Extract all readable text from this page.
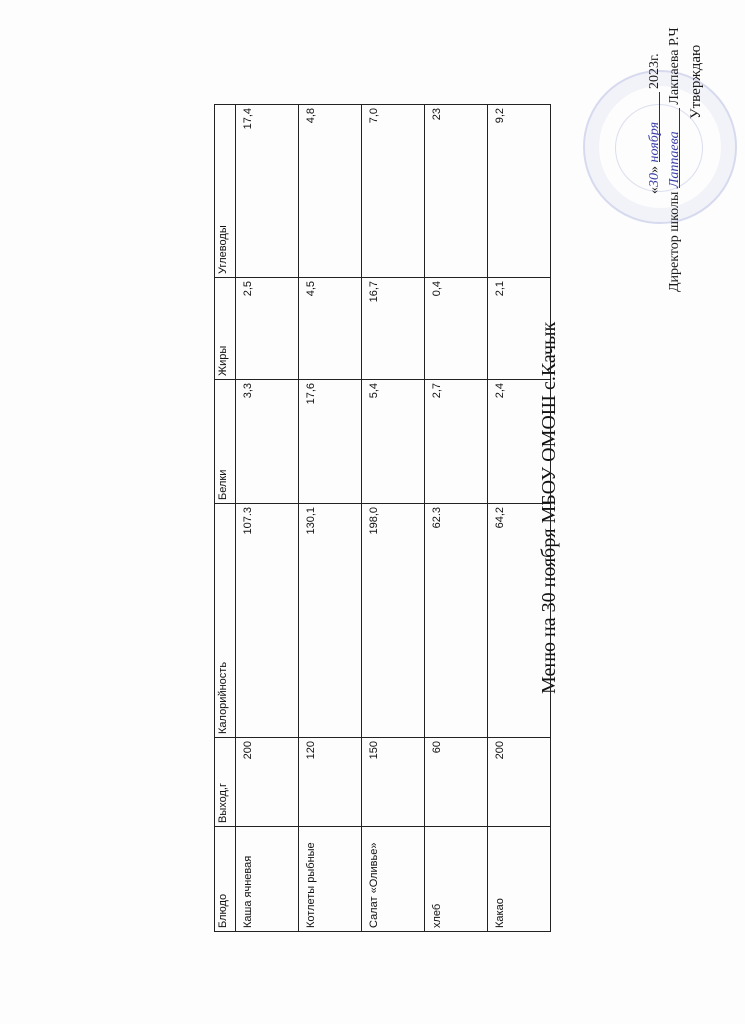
Утверждаю
Директор школы Лаппаева Лакпаева Р.Ч
«30» ноября 2023г.
Меню на 30 ноября МБОУ ОМОШ с.Качык
Блюдо	Выход,г	Калорийность	Белки	Жиры	Углеводы
Каша ячневая	200	107.3	3,3	2,5	17,4
Котлеты рыбные	120	130,1	17,6	4,5	4,8
Салат «Оливье»	150	198,0	5,4	16,7	7,0
хлеб	60	62.3	2,7	0,4	23
Какао	200	64,2	2,4	2,1	9,2
